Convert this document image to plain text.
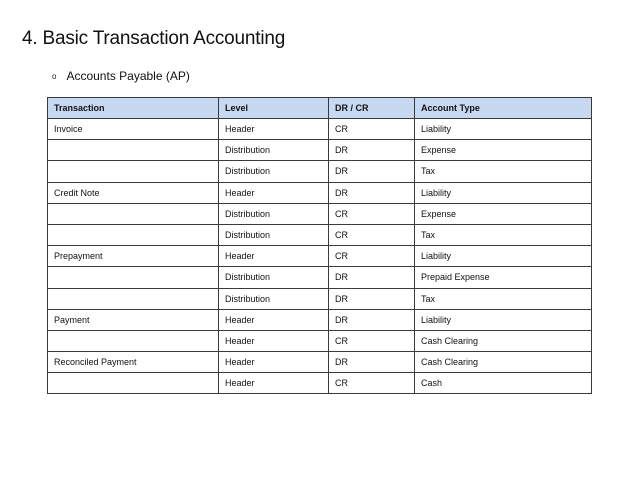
4. Basic Transaction Accounting
o Accounts Payable (AP)
Transaction	Level	DR / CR	Account Type
Invoice	Header	CR	Liability
	Distribution	DR	Expense
	Distribution	DR	Tax
Credit Note	Header	DR	Liability
	Distribution	CR	Expense
	Distribution	CR	Tax
Prepayment	Header	CR	Liability
	Distribution	DR	Prepaid Expense
	Distribution	DR	Tax
Payment	Header	DR	Liability
	Header	CR	Cash Clearing
Reconciled Payment	Header	DR	Cash Clearing
	Header	CR	Cash
